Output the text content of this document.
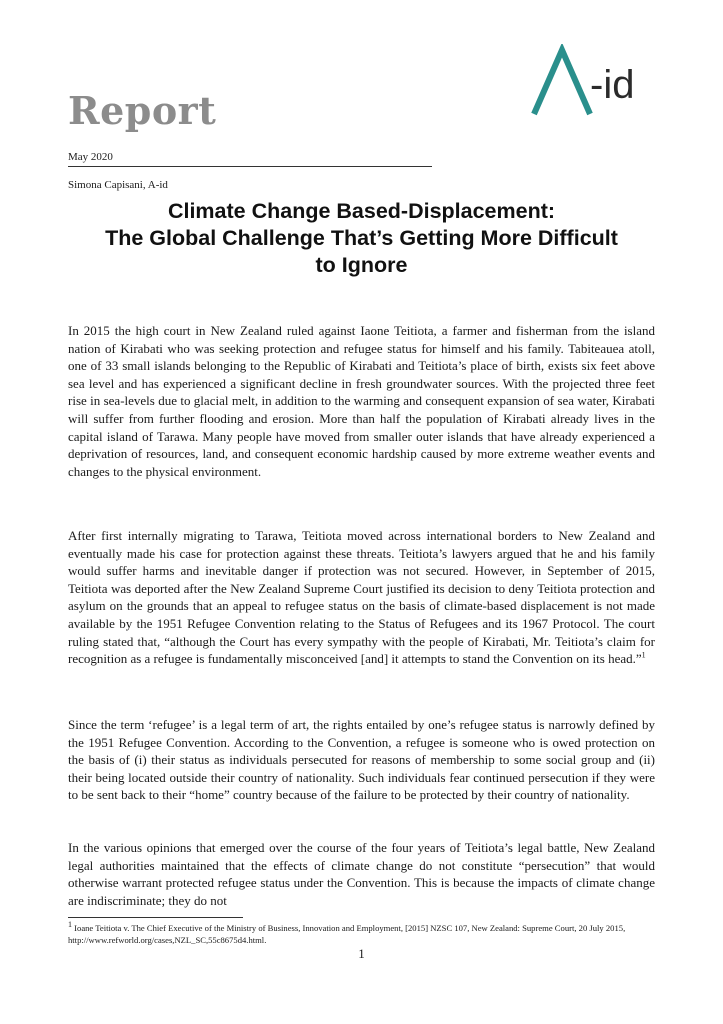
Report
-id
May 2020
Simona Capisani, A-id
Climate Change Based-Displacement:
The Global Challenge That’s Getting More Difficult
to Ignore

In 2015 the high court in New Zealand ruled against Iaone Teitiota, a farmer and fisherman from the island nation of Kirabati who was seeking protection and refugee status for himself and his family. Tabiteauea atoll, one of 33 small islands belonging to the Republic of Kirabati and Teitiota’s place of birth, exists six feet above sea level and has experienced a significant decline in fresh groundwater sources. With the projected three feet rise in sea-levels due to glacial melt, in addition to the warming and consequent expansion of sea water, Kirabati will suffer from further flooding and erosion. More than half the population of Kirabati already lives in the capital island of Tarawa. Many people have moved from smaller outer islands that have already experienced a deprivation of resources, land, and consequent economic hardship caused by more extreme weather events and changes to the physical environment.

After first internally migrating to Tarawa, Teitiota moved across international borders to New Zealand and eventually made his case for protection against these threats. Teitiota’s lawyers argued that he and his family would suffer harms and inevitable danger if protection was not secured. However, in September of 2015, Teitiota was deported after the New Zealand Supreme Court justified its decision to deny Teitiota protection and asylum on the grounds that an appeal to refugee status on the basis of climate-based displacement is not made available by the 1951 Refugee Convention relating to the Status of Refugees and its 1967 Protocol. The court ruling stated that, “although the Court has every sympathy with the people of Kirabati, Mr. Teitiota’s claim for recognition as a refugee is fundamentally misconceived [and] it attempts to stand the Convention on its head.”$^1$

Since the term ‘refugee’ is a legal term of art, the rights entailed by one’s refugee status is narrowly defined by the 1951 Refugee Convention. According to the Convention, a refugee is someone who is owed protection on the basis of (i) their status as individuals persecuted for reasons of membership to some social group and (ii) their being located outside their country of nationality. Such individuals fear continued persecution if they were to be sent back to their “home” country because of the failure to be protected by their country of nationality.

In the various opinions that emerged over the course of the four years of Teitiota’s legal battle, New Zealand legal authorities maintained that the effects of climate change do not constitute “persecution” that would otherwise warrant protected refugee status under the Convention. This is because the impacts of climate change are indiscriminate; they do not

$^1$ Ioane Teitiota v. The Chief Executive of the Ministry of Business, Innovation and Employment, [2015] NZSC 107, New Zealand: Supreme Court, 20 July 2015, http://www.refworld.org/cases,NZL_SC,55c8675d4.html.

1
